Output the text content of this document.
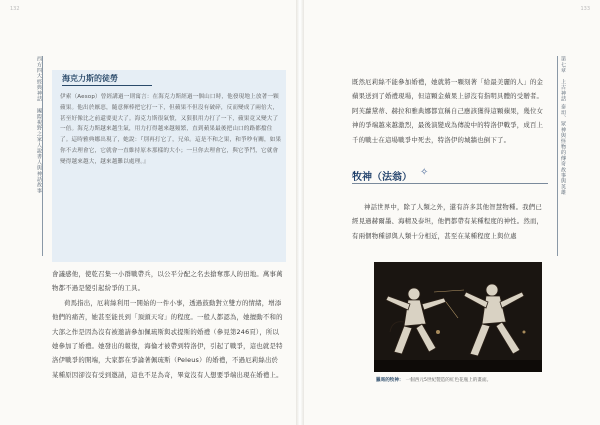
132	133
西方四大經典神話
國際視野之家人說書人與神話故事
第七章　上古神話
泰坦、眾神與怪物的傳奇故事與英雄
海克力斯的徒勞
伊索（Aesop）曾經講過一則寓言：在海克力斯經過一個山口時，他發現地上放著一顆蘋果。他出於厭惡，隨意揮棒把它打一下，但蘋果不但沒有破碎，反而變成了兩倍大，甚至好像比之前還要更大了。海克力斯很氣憤，又狠狠用力打了一下，蘋果竟又變大了一倍。海克力斯越來越生氣，用力打得越來越頻繁，直到蘋果最後把山口的路都擋住了。這時雅典娜出現了，她說：『別再打它了，兄弟。這是不和之果，和爭吵有關，如果你不去理會它，它就會一直維持原本那樣的大小；一旦你去理會它，與它爭鬥，它就會變得越來越大，越來越難以處理。』

會議感他，使乾召集一小群戰帶兵，以公平分配之名去搶奪那人的田地。萬事萬物都不過是變引起紛爭的工具。

荷馬指出，厄莉絲利用一開始的一件小事，透過鼓動對立雙方的情緒，增添他們的痛苦，她甚至能長到「頂頭天穹」的程度。一般人都認為，她擅動不和的大部之作是因為沒有被邀請參加佩琉斯與忒提斯的婚禮（參見第246頁），所以她參加了婚禮。她發出的報復，海倫才被帶到特洛伊，引起了戰爭，這也就是特洛伊戰爭的開端，大家都在爭論著佩琉斯（Peleus）的婚禮，不過厄莉絲出於某種原因卻沒有受到邀請，這也不足為奇，畢竟沒有人想要爭端出現在婚禮上。

既然厄莉絲不能參加婚禮，她就將一顆刻著「給最美麗的人」的金蘋果送到了婚禮現場，但這顆金蘋果上卻沒有指明具體的受贈者。阿芙蘿黛蒂、赫拉和雅典娜都宣稱自己應該獲得這顆蘋果，幾位女神的爭端越來越激烈，最後演變成為傳說中的特洛伊戰爭，成百上千的戰士在這場戰爭中死去，特洛伊的城牆也倒下了。

牧神（法翁） ✧

神話世界中，除了人類之外，還有許多其他智慧物種。我們已經見過赫爾墨、海精及泰坦，他們都帶有某種程度的神性。然而，有兩個物種卻與人類十分相近，甚至在某種程度上與位處

羅馬的牧神： 一個西元5世紀製造的紅色花瓶上的畫面。
